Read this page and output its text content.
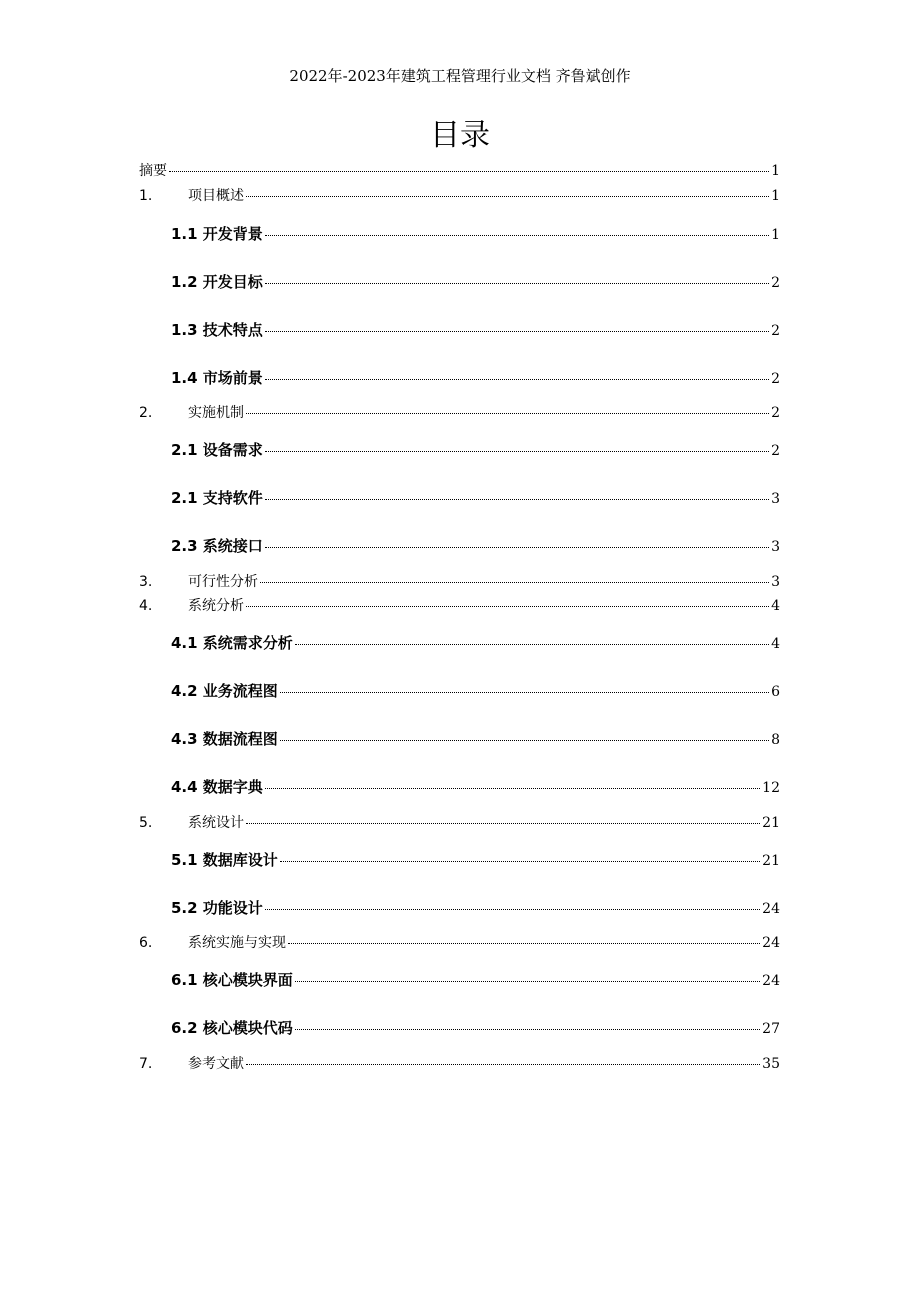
2022年-2023年建筑工程管理行业文档 齐鲁斌创作
目录
摘要	1
1.	项目概述	1
1.1 开发背景	1
1.2 开发目标	2
1.3 技术特点	2
1.4 市场前景	2
2.	实施机制	2
2.1 设备需求	2
2.1 支持软件	3
2.3 系统接口	3
3.	可行性分析	3
4.	系统分析	4
4.1 系统需求分析	4
4.2 业务流程图	6
4.3 数据流程图	8
4.4 数据字典	12
5.	系统设计	21
5.1 数据库设计	21
5.2 功能设计	24
6.	系统实施与实现	24
6.1 核心模块界面	24
6.2 核心模块代码	27
7.	参考文献	35
